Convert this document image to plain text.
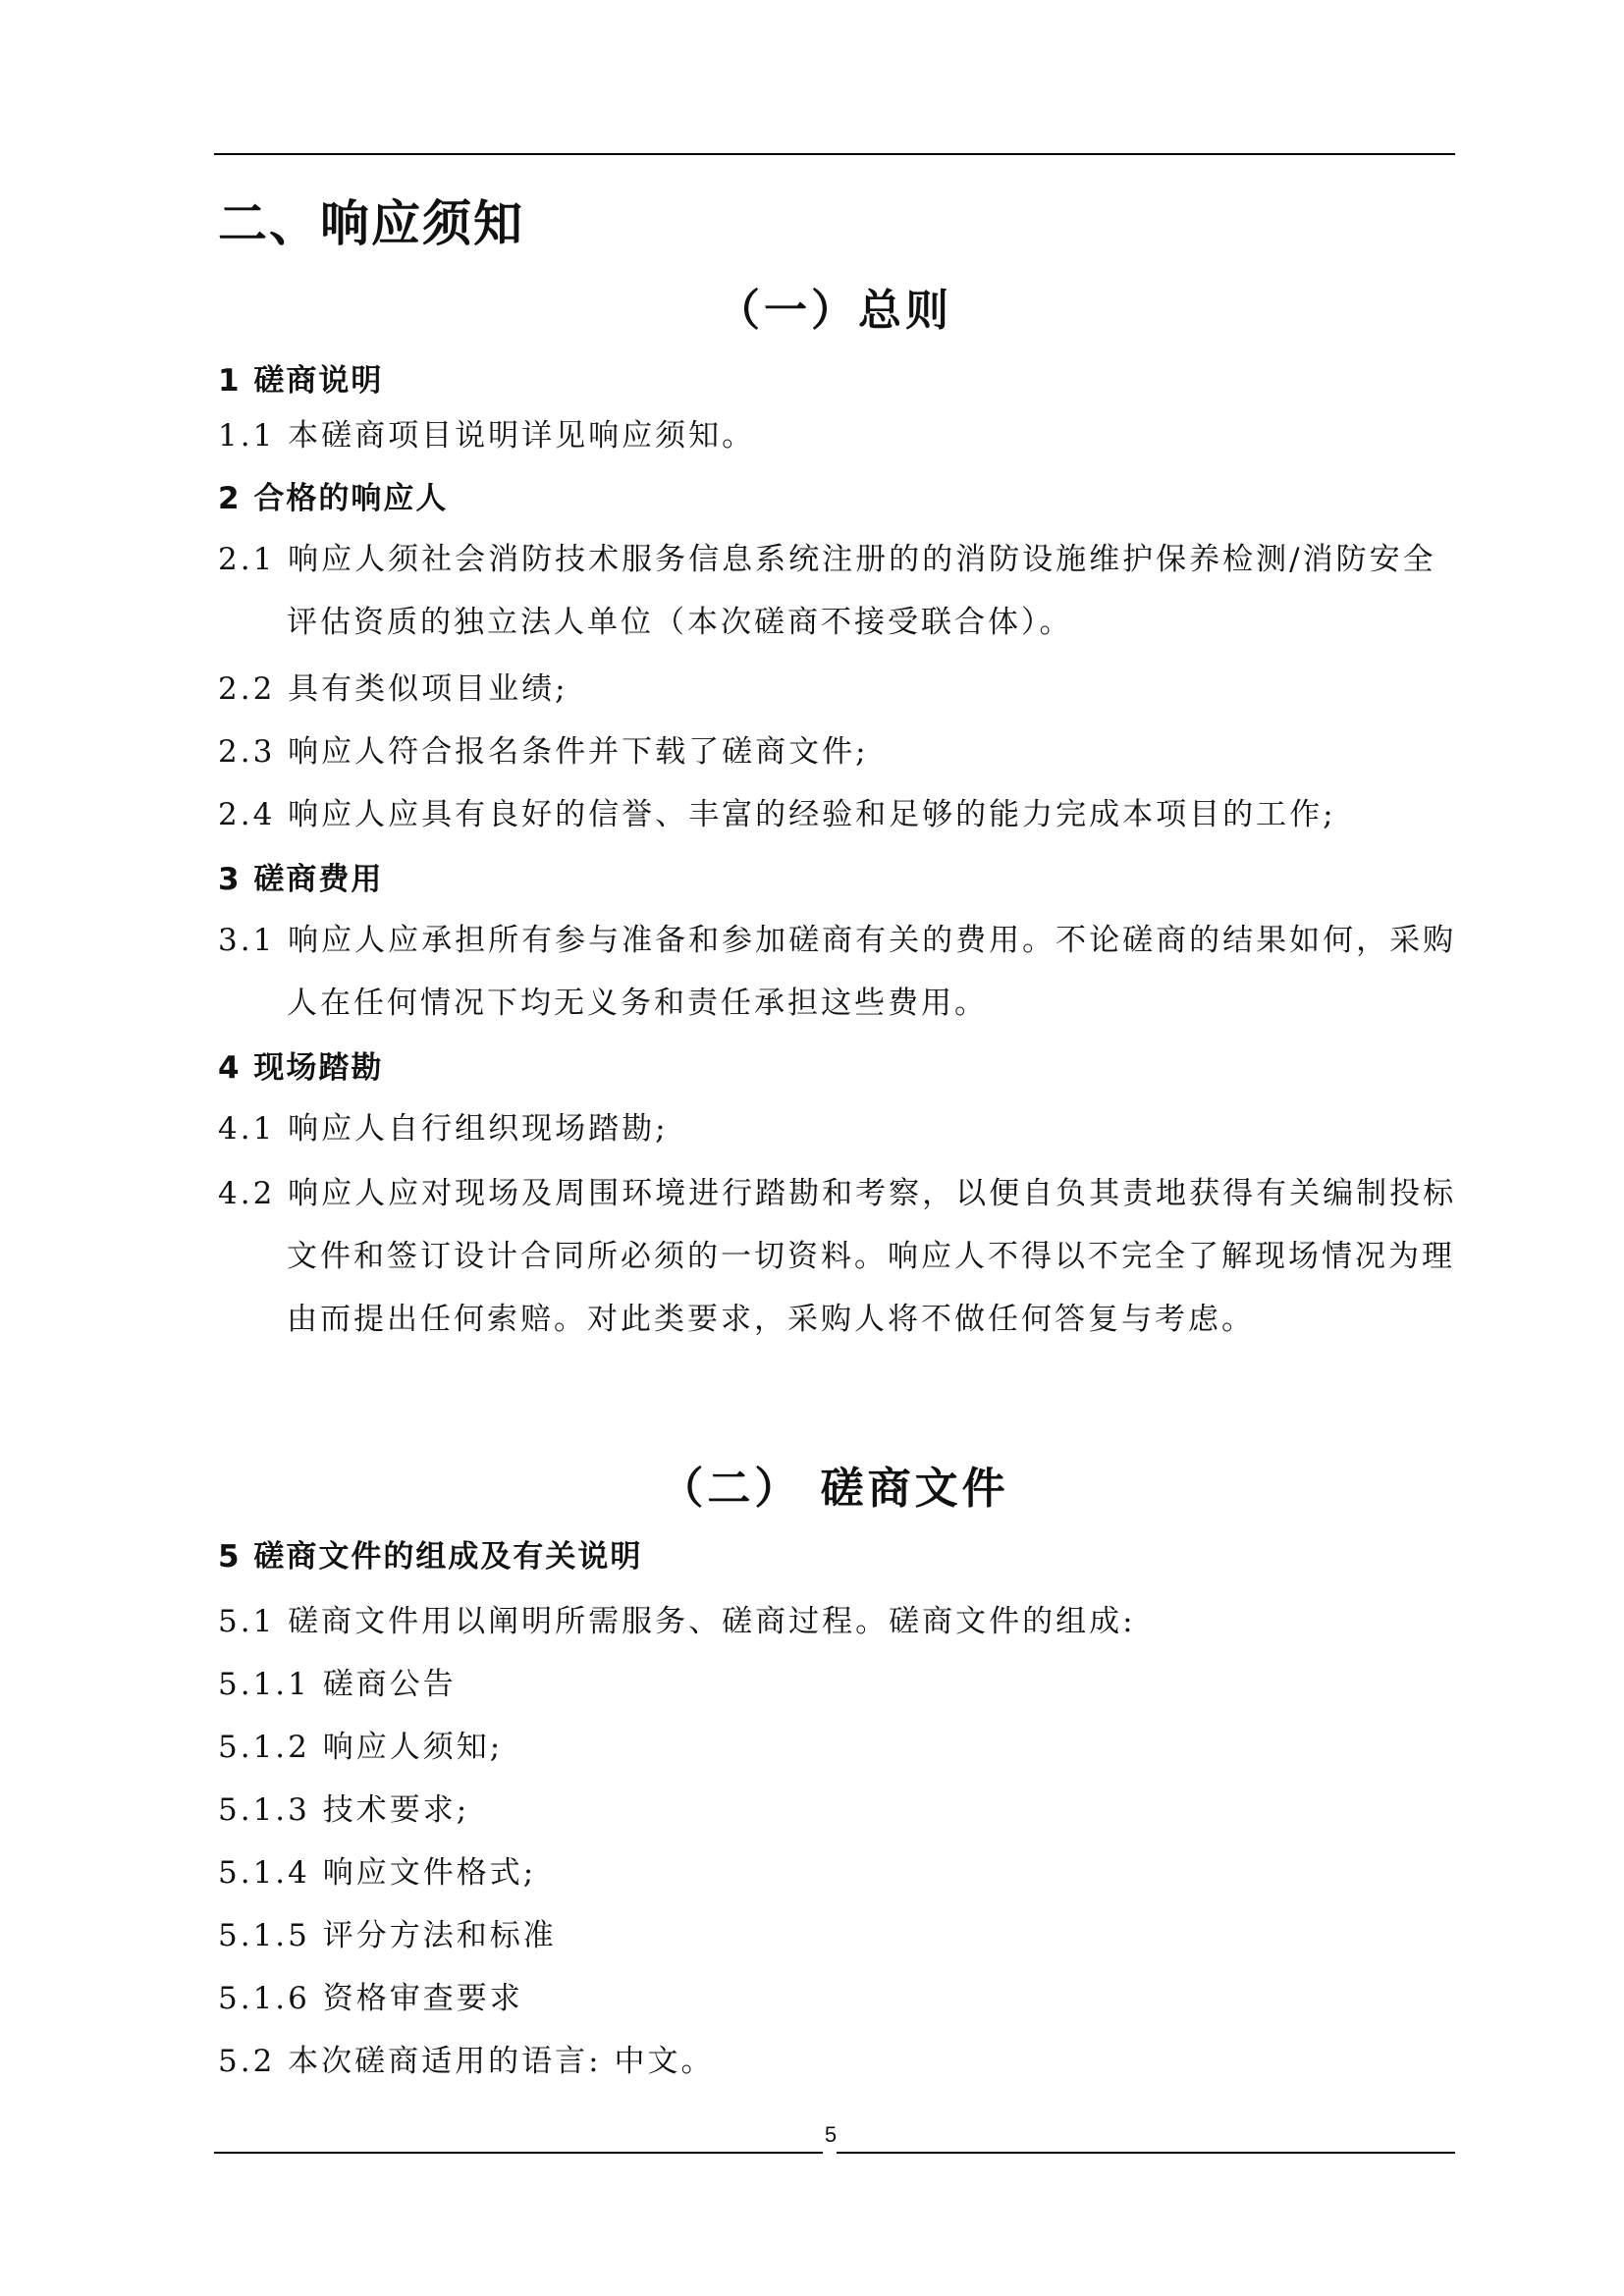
二、响应须知
（一）总则
1 磋商说明
1.1 本磋商项目说明详见响应须知。
2 合格的响应人
2.1 响应人须社会消防技术服务信息系统注册的的消防设施维护保养检测/消防安全
评估资质的独立法人单位（本次磋商不接受联合体）。
2.2 具有类似项目业绩;
2.3 响应人符合报名条件并下载了磋商文件;
2.4 响应人应具有良好的信誉、丰富的经验和足够的能力完成本项目的工作;
3 磋商费用
3.1 响应人应承担所有参与准备和参加磋商有关的费用。不论磋商的结果如何，采购
人在任何情况下均无义务和责任承担这些费用。
4 现场踏勘
4.1 响应人自行组织现场踏勘;
4.2 响应人应对现场及周围环境进行踏勘和考察，以便自负其责地获得有关编制投标
文件和签订设计合同所必须的一切资料。响应人不得以不完全了解现场情况为理
由而提出任何索赔。对此类要求，采购人将不做任何答复与考虑。
（二） 磋商文件
5 磋商文件的组成及有关说明
5.1 磋商文件用以阐明所需服务、磋商过程。磋商文件的组成:
5.1.1 磋商公告
5.1.2 响应人须知;
5.1.3 技术要求;
5.1.4 响应文件格式;
5.1.5 评分方法和标准
5.1.6 资格审查要求
5.2 本次磋商适用的语言: 中文。
5
